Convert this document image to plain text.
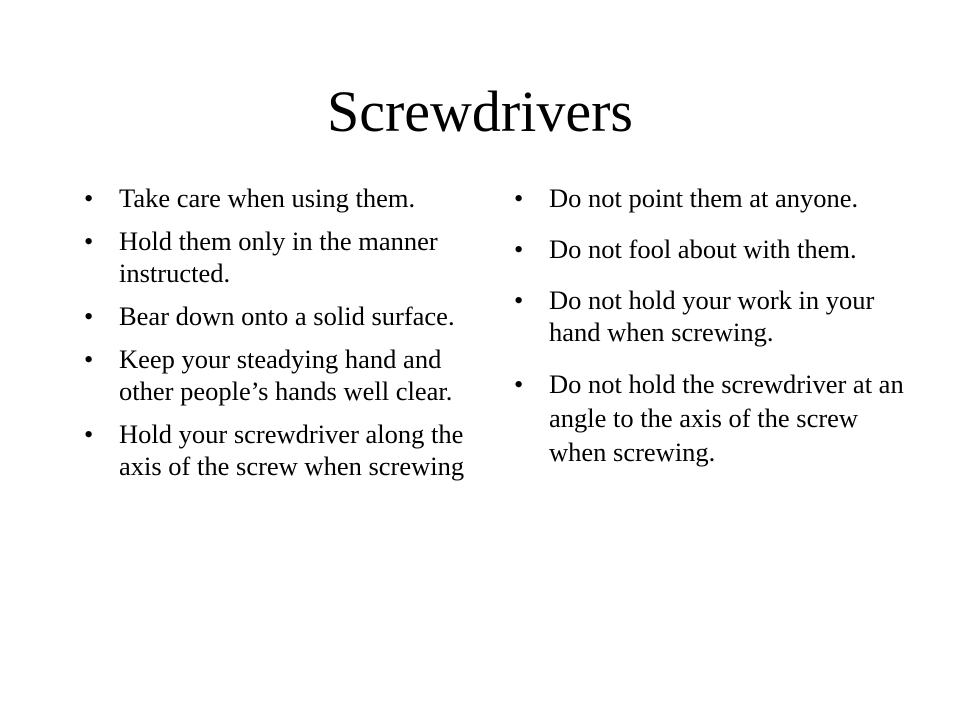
Screwdrivers
• Take care when using them.
• Hold them only in the manner instructed.
• Bear down onto a solid surface.
• Keep your steadying hand and other people’s hands well clear.
• Hold your screwdriver along the axis of the screw when screwing
• Do not point them at anyone.
• Do not fool about with them.
• Do not hold your work in your hand when screwing.
• Do not hold the screwdriver at an angle to the axis of the screw when screwing.
